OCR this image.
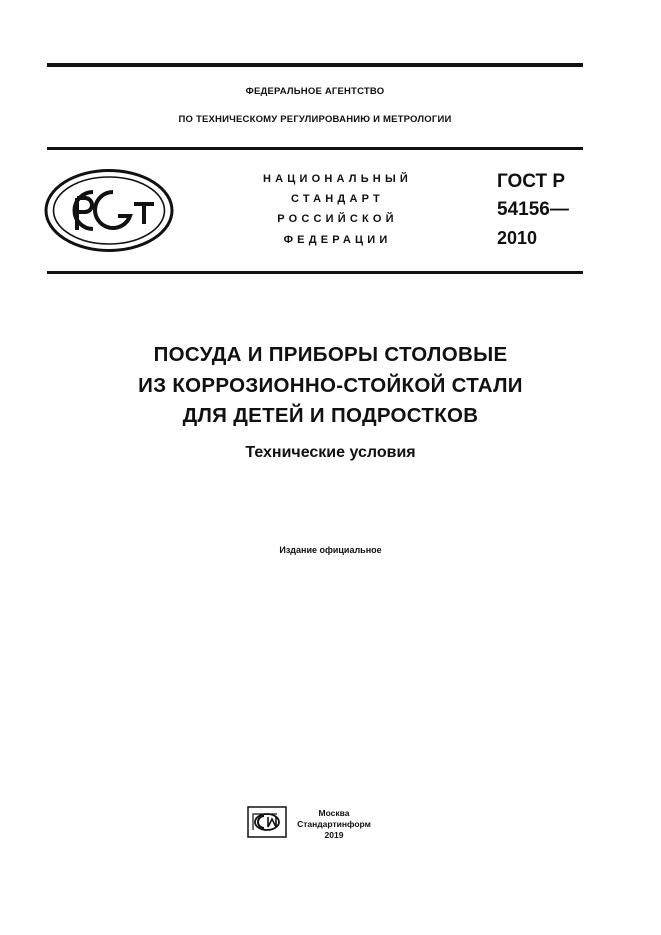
ФЕДЕРАЛЬНОЕ АГЕНТСТВО
ПО ТЕХНИЧЕСКОМУ РЕГУЛИРОВАНИЮ И МЕТРОЛОГИИ
НАЦИОНАЛЬНЫЙ
СТАНДАРТ
РОССИЙСКОЙ
ФЕДЕРАЦИИ
ГОСТ Р
54156—
2010
ПОСУДА И ПРИБОРЫ СТОЛОВЫЕ
ИЗ КОРРОЗИОННО-СТОЙКОЙ СТАЛИ
ДЛЯ ДЕТЕЙ И ПОДРОСТКОВ
Технические условия
Издание официальное
Москва
Стандартинформ
2019
